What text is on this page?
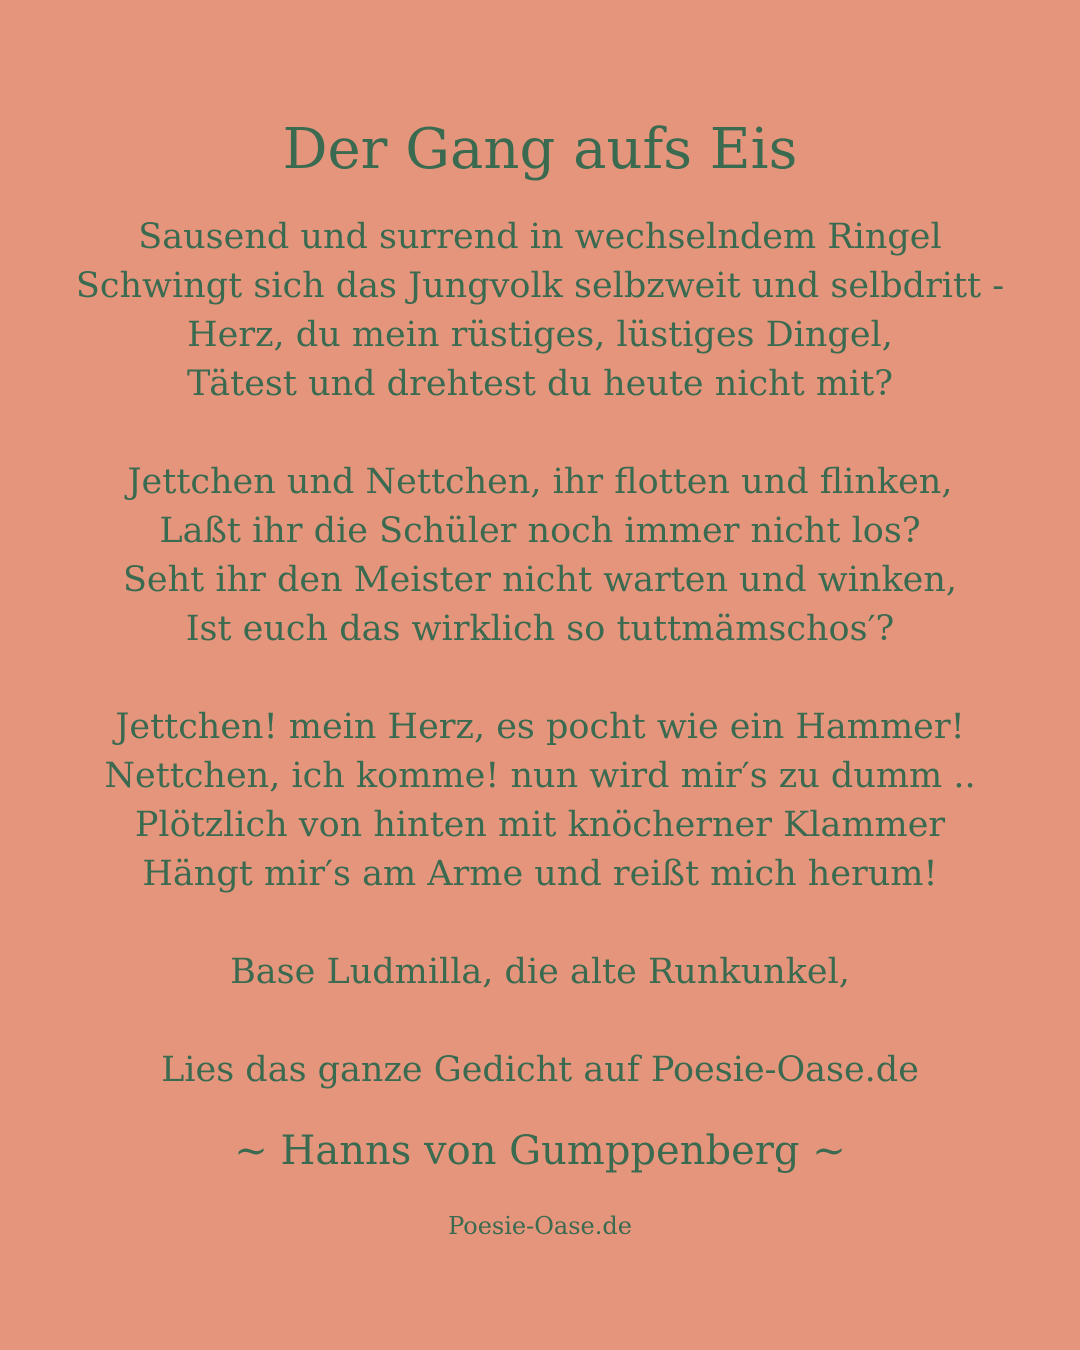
Der Gang aufs Eis
Sausend und surrend in wechselndem Ringel
Schwingt sich das Jungvolk selbzweit und selbdritt -
Herz, du mein rüstiges, lüstiges Dingel,
Tätest und drehtest du heute nicht mit?
Jettchen und Nettchen, ihr flotten und flinken,
Laßt ihr die Schüler noch immer nicht los?
Seht ihr den Meister nicht warten und winken,
Ist euch das wirklich so tuttmämschos′?
Jettchen! mein Herz, es pocht wie ein Hammer!
Nettchen, ich komme! nun wird mir′s zu dumm ..
Plötzlich von hinten mit knöcherner Klammer
Hängt mir′s am Arme und reißt mich herum!
Base Ludmilla, die alte Runkunkel,
Lies das ganze Gedicht auf Poesie-Oase.de
~ Hanns von Gumppenberg ~
Poesie-Oase.de
